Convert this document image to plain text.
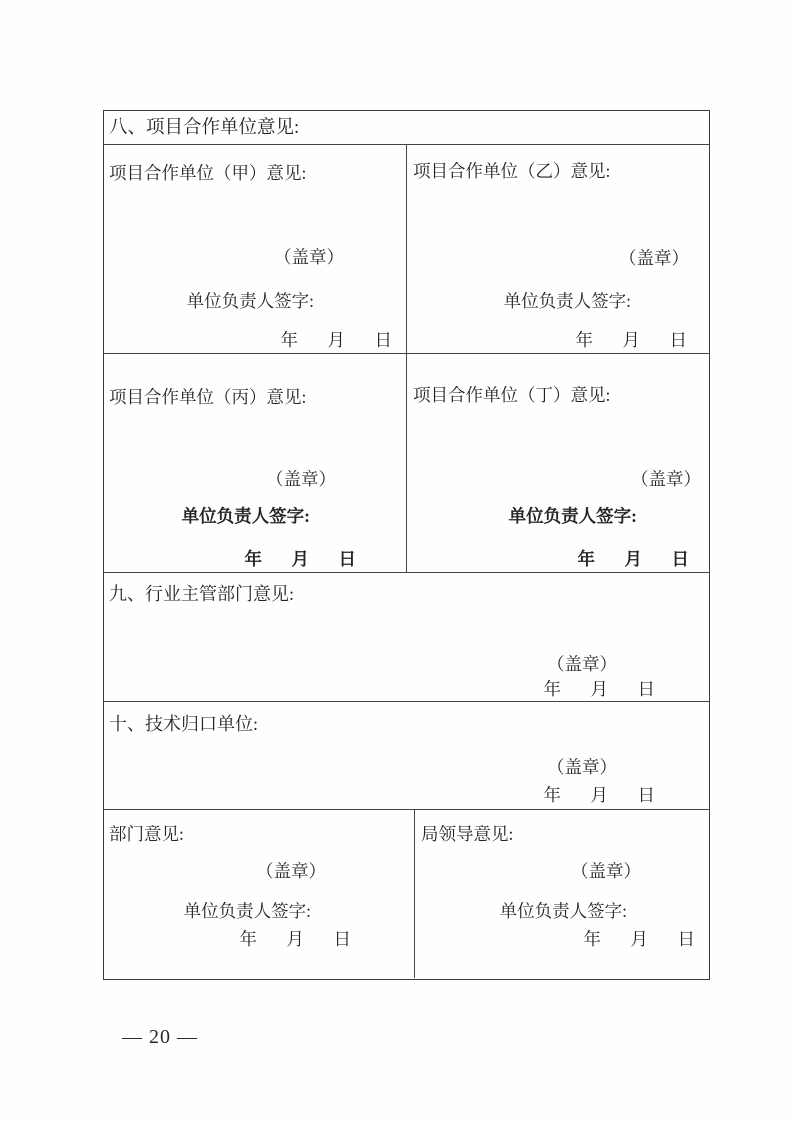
八、项目合作单位意见:
项目合作单位（甲）意见:
（盖章）
单位负责人签字:
年　月　日
项目合作单位（乙）意见:
（盖章）
单位负责人签字:
年　月　日
项目合作单位（丙）意见:
（盖章）
单位负责人签字:
年　月　日
项目合作单位（丁）意见:
（盖章）
单位负责人签字:
年　月　日
九、行业主管部门意见:
（盖章）
年　月　日
十、技术归口单位:
（盖章）
年　月　日
部门意见:
（盖章）
单位负责人签字:
年　月　日
局领导意见:
（盖章）
单位负责人签字:
年　月　日
— 20 —
